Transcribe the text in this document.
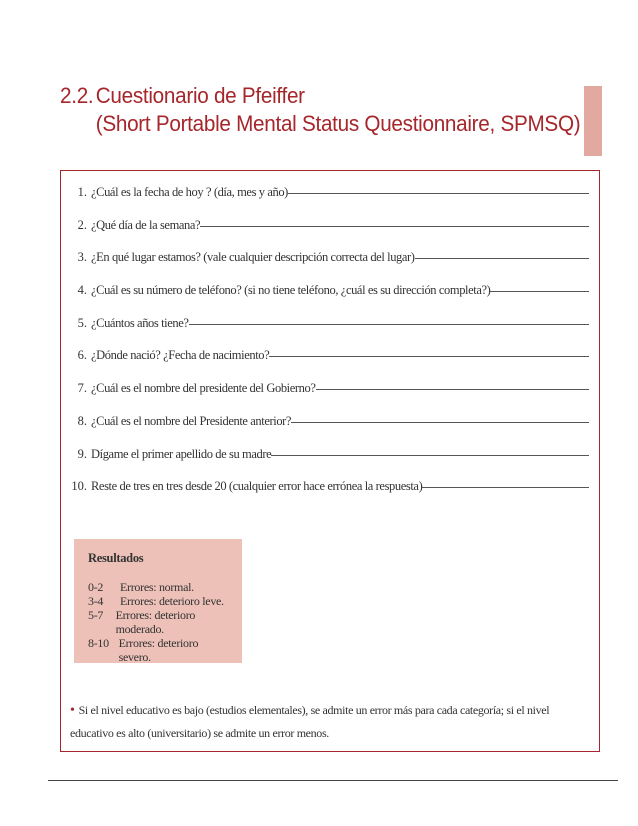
2.2. Cuestionario de Pfeiffer
(Short Portable Mental Status Questionnaire, SPMSQ)
1. ¿Cuál es la fecha de hoy ? (día, mes y año)
2. ¿Qué día de la semana?
3. ¿En qué lugar estamos? (vale cualquier descripción correcta del lugar)
4. ¿Cuál es su número de teléfono? (si no tiene teléfono, ¿cuál es su dirección completa?)
5. ¿Cuántos años tiene?
6. ¿Dónde nació? ¿Fecha de nacimiento?
7. ¿Cuál es el nombre del presidente del Gobierno?
8. ¿Cuál es el nombre del Presidente anterior?
9. Dígame el primer apellido de su madre
10. Reste de tres en tres desde 20 (cualquier error hace errónea la respuesta)
Resultados
0-2	Errores: normal.
3-4	Errores: deterioro leve.
5-7	Errores: deterioro moderado.
8-10 Errores: deterioro severo.
• Si el nivel educativo es bajo (estudios elementales), se admite un error más para cada categoría; si el nivel educativo es alto (universitario) se admite un error menos.
